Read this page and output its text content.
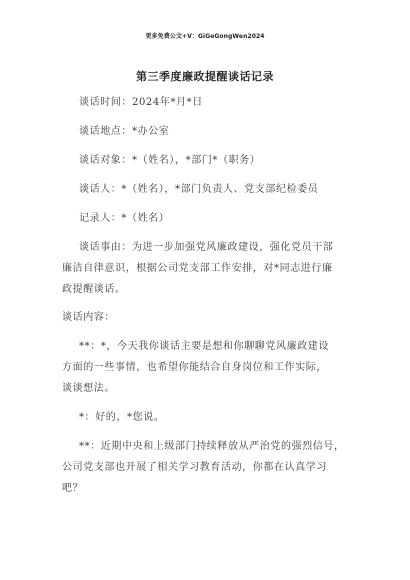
更多免费公文+V：GiGeGongWen2024
第三季度廉政提醒谈话记录
谈话时间：2024年*月*日
谈话地点：*办公室
谈话对象：*（姓名），*部门*（职务）
谈话人：*（姓名），*部门负责人、党支部纪检委员
记录人：*（姓名）
谈话事由：为进一步加强党风廉政建设，强化党员干部
廉洁自律意识，根据公司党支部工作安排，对*同志进行廉
政提醒谈话。
谈话内容：
**：*，今天我你谈话主要是想和你聊聊党风廉政建设
方面的一些事情，也希望你能结合自身岗位和工作实际，
谈谈想法。
*：好的，*您说。
**：近期中央和上级部门持续释放从严治党的强烈信号，
公司党支部也开展了相关学习教育活动，你都在认真学习
吧？
